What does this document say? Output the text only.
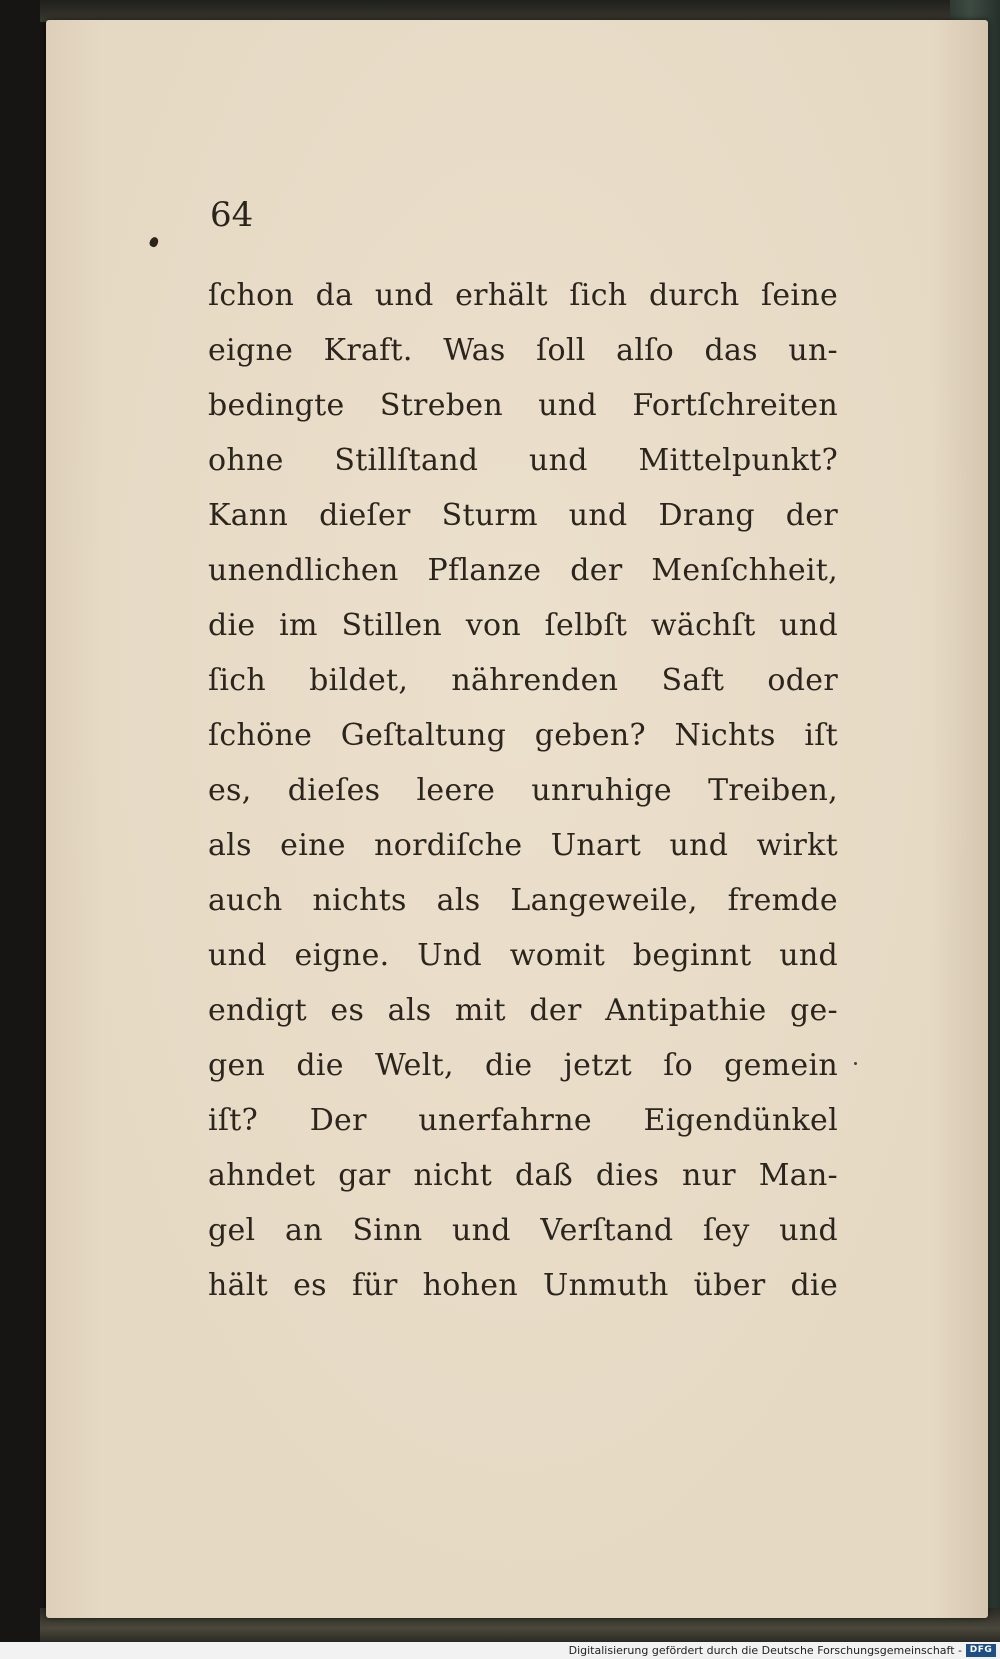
64

ſchon da und erhält ſich durch ſeine
eigne Kraft. Was ſoll alſo das un-
bedingte Streben und Fortſchreiten
ohne Stillſtand und Mittelpunkt?
Kann dieſer Sturm und Drang der
unendlichen Pflanze der Menſchheit,
die im Stillen von ſelbſt wächſt und
ſich bildet, nährenden Saft oder
ſchöne Geſtaltung geben? Nichts iſt
es, dieſes leere unruhige Treiben,
als eine nordiſche Unart und wirkt
auch nichts als Langeweile, fremde
und eigne. Und womit beginnt und
endigt es als mit der Antipathie ge-
gen die Welt, die jetzt ſo gemein
iſt? Der unerfahrne Eigendünkel
ahndet gar nicht daß dies nur Man-
gel an Sinn und Verſtand ſey und
hält es für hohen Unmuth über die
Digitalisierung gefördert durch die Deutsche Forschungsgemeinschaft - DFG
